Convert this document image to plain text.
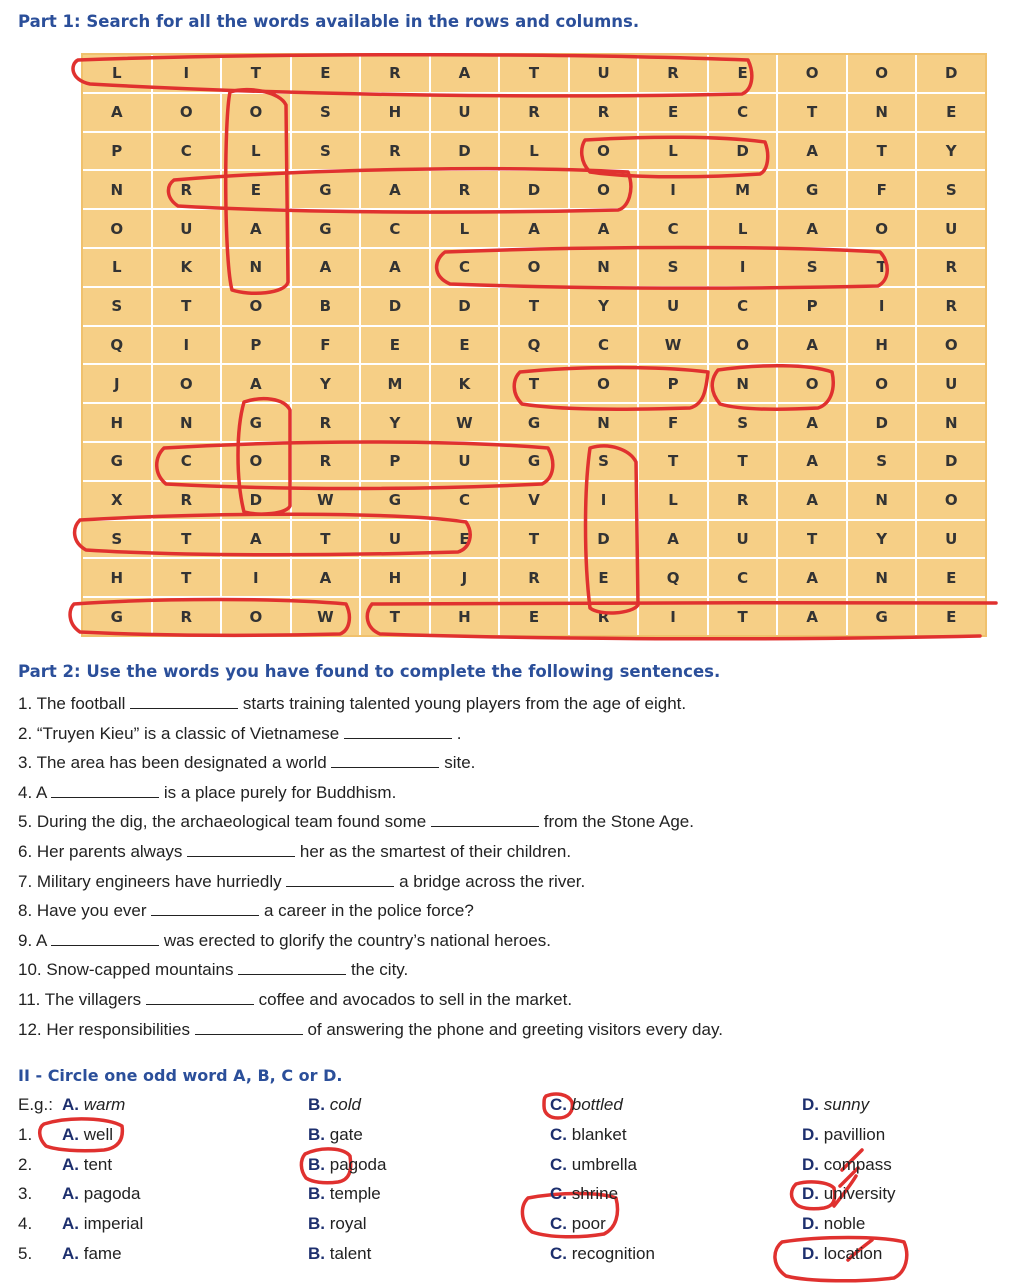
Part 1: Search for all the words available in the rows and columns.
L	I	T	E	R	A	T	U	R	E	O	O	D
A	O	O	S	H	U	R	R	E	C	T	N	E
P	C	L	S	R	D	L	O	L	D	A	T	Y
N	R	E	G	A	R	D	O	I	M	G	F	S
O	U	A	G	C	L	A	A	C	L	A	O	U
L	K	N	A	A	C	O	N	S	I	S	T	R
S	T	O	B	D	D	T	Y	U	C	P	I	R
Q	I	P	F	E	E	Q	C	W	O	A	H	O
J	O	A	Y	M	K	T	O	P	N	O	O	U
H	N	G	R	Y	W	G	N	F	S	A	D	N
G	C	O	R	P	U	G	S	T	T	A	S	D
X	R	D	W	G	C	V	I	L	R	A	N	O
S	T	A	T	U	E	T	D	A	U	T	Y	U
H	T	I	A	H	J	R	E	Q	C	A	N	E
G	R	O	W	T	H	E	R	I	T	A	G	E
Part 2: Use the words you have found to complete the following sentences.

1. The football	starts training talented young players from the age of eight.

2. “Truyen Kieu” is a classic of Vietnamese	.

3. The area has been designated a world	site.

4. A	is a place purely for Buddhism.

5. During the dig, the archaeological team found some	from the Stone Age.

6. Her parents always	her as the smartest of their children.

7. Military engineers have hurriedly	a bridge across the river.

8. Have you ever	a career in the police force?

9. A	was erected to glorify the country’s national heroes.

10. Snow-capped mountains	the city.

11. The villagers	coffee and avocados to sell in the market.

12. Her responsibilities	of answering the phone and greeting visitors every day.

II - Circle one odd word A, B, C or D.
E.g.: A. warm	B. cold	C. bottled	D. sunny
1. A. well	B. gate	C. blanket	D. pavillion
2. A. tent	B. pagoda	C. umbrella	D. compass
3. A. pagoda	B. temple	C. shrine	D. university
4. A. imperial	B. royal	C. poor	D. noble
5. A. fame	B. talent	C. recognition	D. location
